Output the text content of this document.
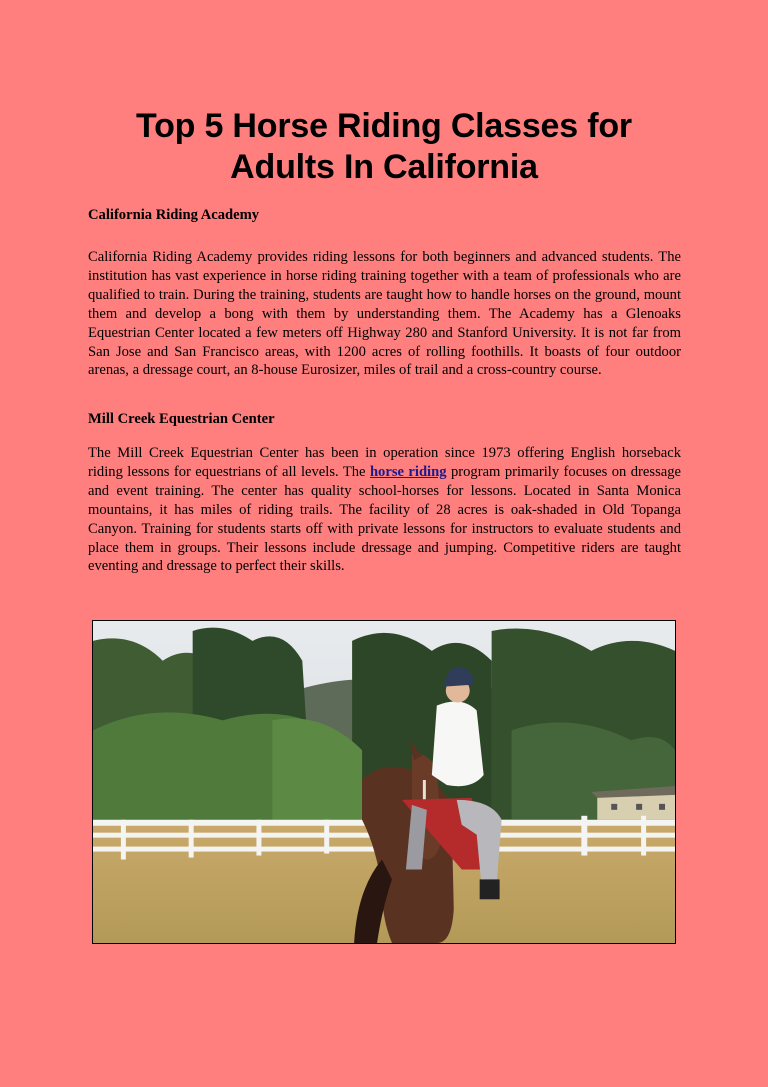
Top 5 Horse Riding Classes for
Adults In California
California Riding Academy
California Riding Academy provides riding lessons for both beginners and advanced students. The institution has vast experience in horse riding training together with a team of professionals who are qualified to train. During the training, students are taught how to handle horses on the ground, mount them and develop a bong with them by understanding them. The Academy has a Glenoaks Equestrian Center located a few meters off Highway 280 and Stanford University. It is not far from San Jose and San Francisco areas, with 1200 acres of rolling foothills. It boasts of four outdoor arenas, a dressage court, an 8-house Eurosizer, miles of trail and a cross-country course.
Mill Creek Equestrian Center
The Mill Creek Equestrian Center has been in operation since 1973 offering English horseback riding lessons for equestrians of all levels. The horse riding program primarily focuses on dressage and event training. The center has quality school-horses for lessons. Located in Santa Monica mountains, it has miles of riding trails. The facility of 28 acres is oak-shaded in Old Topanga Canyon. Training for students starts off with private lessons for instructors to evaluate students and place them in groups. Their lessons include dressage and jumping. Competitive riders are taught eventing and dressage to perfect their skills.
